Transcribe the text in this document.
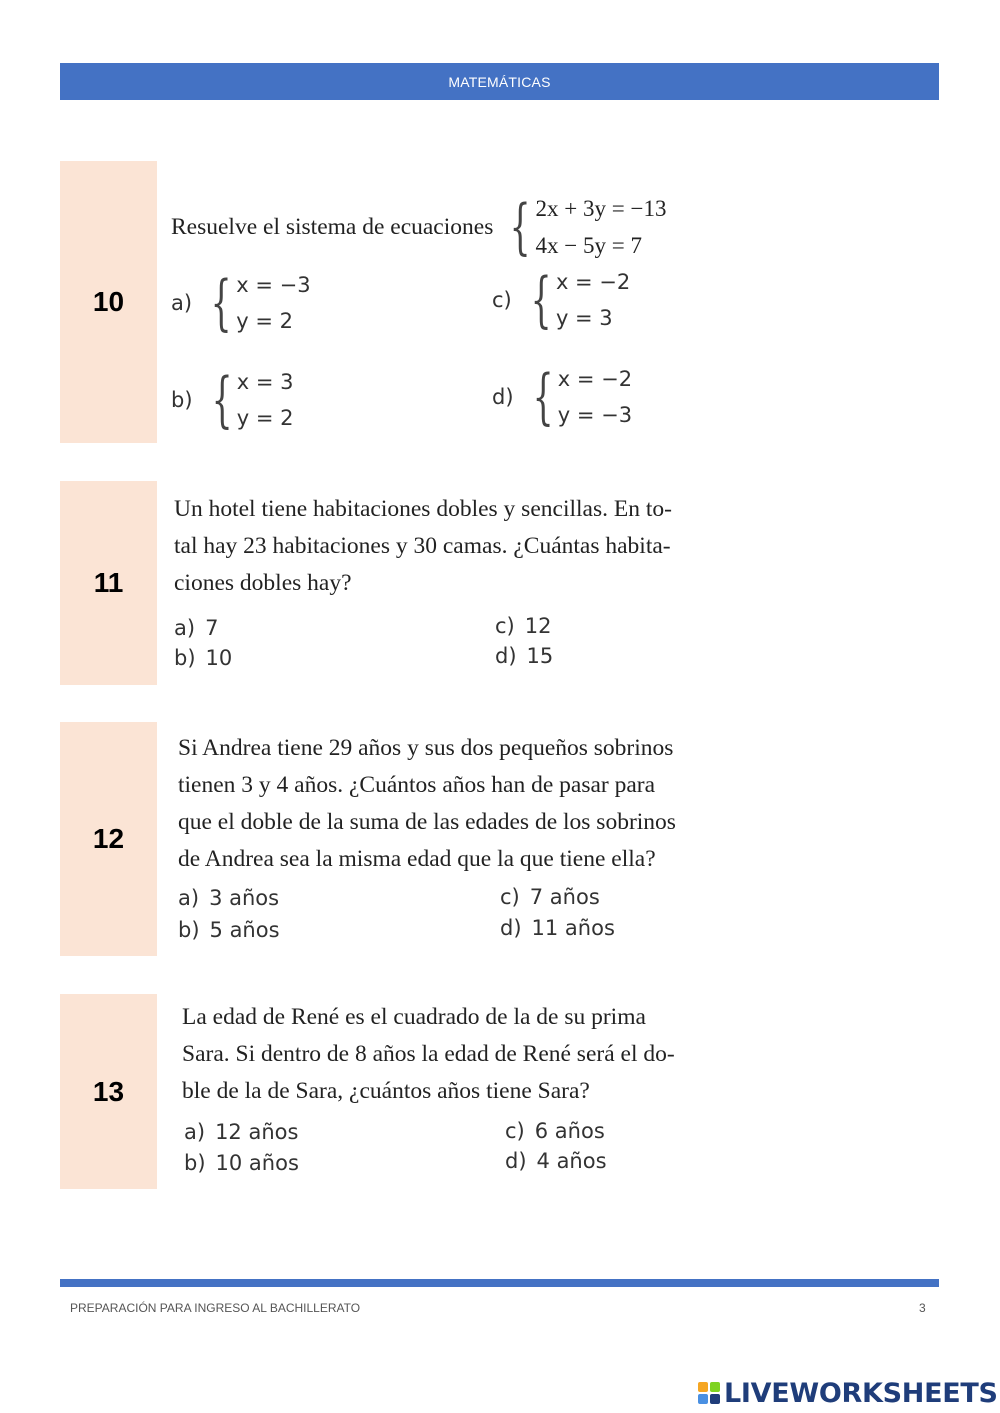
MATEMÁTICAS
10
Resuelve el sistema de ecuaciones { 2x + 3y = −13
4x − 5y = 7
a) { x = −3
y = 2
b) { x = 3
y = 2
c) { x = −2
y = 3
d) { x = −2
y = −3
11
Un hotel tiene habitaciones dobles y sencillas. En to-
tal hay 23 habitaciones y 30 camas. ¿Cuántas habita-
ciones dobles hay?
a) 7
b) 10
c) 12
d) 15
12
Si Andrea tiene 29 años y sus dos pequeños sobrinos
tienen 3 y 4 años. ¿Cuántos años han de pasar para
que el doble de la suma de las edades de los sobrinos
de Andrea sea la misma edad que la que tiene ella?
a) 3 años
b) 5 años
c) 7 años
d) 11 años
13
La edad de René es el cuadrado de la de su prima
Sara. Si dentro de 8 años la edad de René será el do-
ble de la de Sara, ¿cuántos años tiene Sara?
a) 12 años
b) 10 años
c) 6 años
d) 4 años
PREPARACIÓN PARA INGRESO AL BACHILLERATO	3
LIVEWORKSHEETS
